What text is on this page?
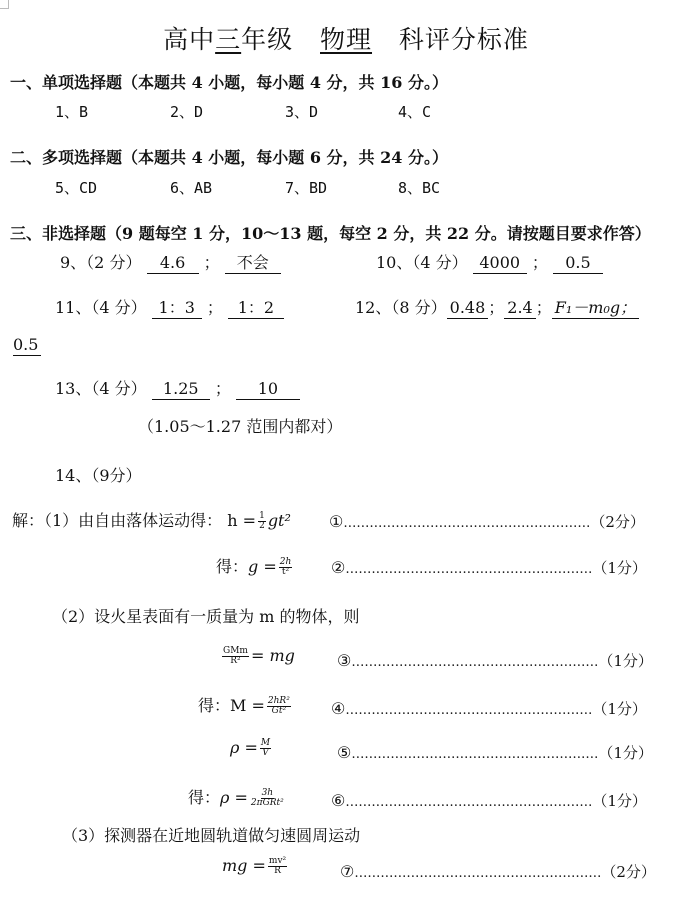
高中三年级 物理 科评分标准
一、单项选择题（本题共 4 小题，每小题 4 分，共 16 分。）
1、B	2、D	3、D	4、C
二、多项选择题（本题共 4 小题，每小题 6 分，共 24 分。）
5、CD	6、AB	7、BD	8、BC
三、非选择题（9 题每空 1 分，10～13 题，每空 2 分，共 22 分。请按题目要求作答）
9、（2 分） 4.6 ； 不会	10、（4 分） 4000 ； 0.5
11、（4 分） 1：3 ； 1：2	12、（8 分） 0.48 ； 2.4 ； F₁－m₀g；
0.5
13、（4 分） 1.25 ； 10
（1.05～1.27 范围内都对）
14、（9分）
解：（1）由自由落体运动得： $h = \frac{1}{2} gt^2$ ①…………………………………………………（2分）
得：$g = \frac{2h}{\text{t²}}$ ②…………………………………………………（1分）
（2）设火星表面有一质量为 m 的物体，则
$\frac{\text{GMm}}{\text{R²}}$ = mg	③…………………………………………………（1分）
得：$M = \frac{\text{2hR²}}{\text{Gt²}}$	④…………………………………………………（1分）
$\rho = \frac{M}{V}$	⑤…………………………………………………（1分）
得：$\rho = \frac{3h}{\text{2πGRt²}}$	⑥…………………………………………………（1分）
（3）探测器在近地圆轨道做匀速圆周运动
mg = $\frac{\text{mv²}}{R}$	⑦…………………………………………………（2分）
